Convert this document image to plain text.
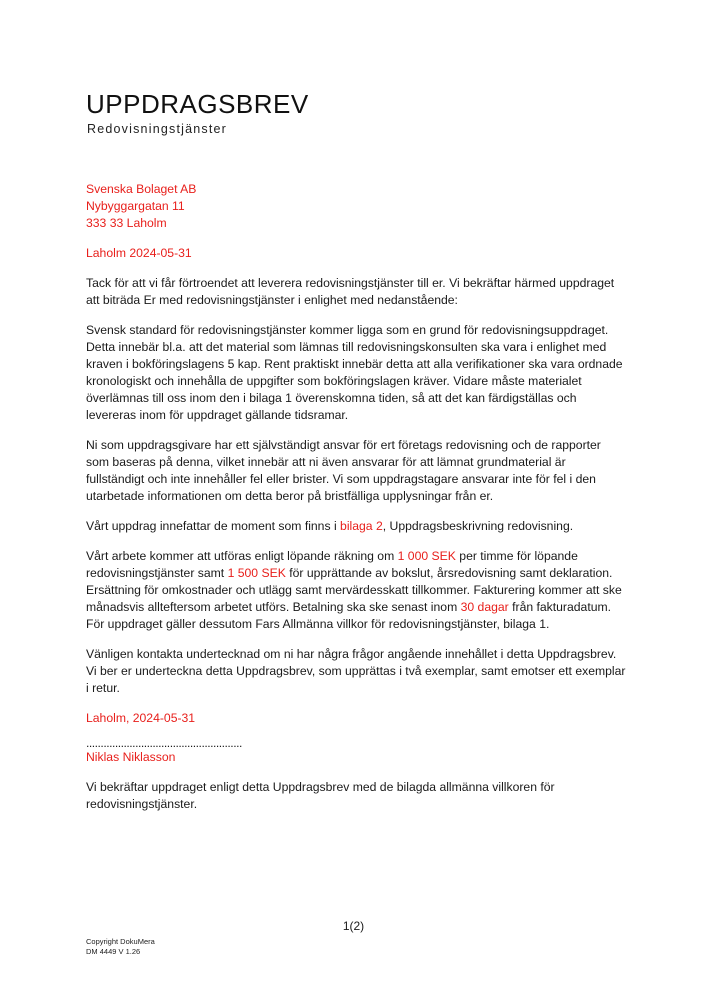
UPPDRAGSBREV
Redovisningstjänster

Svenska Bolaget AB
Nybyggargatan 11
333 33 Laholm

Laholm 2024-05-31

Tack för att vi får förtroendet att leverera redovisningstjänster till er. Vi bekräftar härmed uppdraget att biträda Er med redovisningstjänster i enlighet med nedanstående:

Svensk standard för redovisningstjänster kommer ligga som en grund för redovisningsuppdraget. Detta innebär bl.a. att det material som lämnas till redovisningskonsulten ska vara i enlighet med kraven i bokföringslagens 5 kap. Rent praktiskt innebär detta att alla verifikationer ska vara ordnade kronologiskt och innehålla de uppgifter som bokföringslagen kräver. Vidare måste materialet överlämnas till oss inom den i bilaga 1 överenskomna tiden, så att det kan färdigställas och levereras inom för uppdraget gällande tidsramar.

Ni som uppdragsgivare har ett självständigt ansvar för ert företags redovisning och de rapporter som baseras på denna, vilket innebär att ni även ansvarar för att lämnat grundmaterial är fullständigt och inte innehåller fel eller brister. Vi som uppdragstagare ansvarar inte för fel i den utarbetade informationen om detta beror på bristfälliga upplysningar från er.

Vårt uppdrag innefattar de moment som finns i bilaga 2, Uppdragsbeskrivning redovisning.

Vårt arbete kommer att utföras enligt löpande räkning om 1 000 SEK per timme för löpande redovisningstjänster samt 1 500 SEK för upprättande av bokslut, årsredovisning samt deklaration. Ersättning för omkostnader och utlägg samt mervärdesskatt tillkommer. Fakturering kommer att ske månadsvis allteftersom arbetet utförs. Betalning ska ske senast inom 30 dagar från fakturadatum. För uppdraget gäller dessutom Fars Allmänna villkor för redovisningstjänster, bilaga 1.

Vänligen kontakta undertecknad om ni har några frågor angående innehållet i detta Uppdragsbrev. Vi ber er underteckna detta Uppdragsbrev, som upprättas i två exemplar, samt emotser ett exemplar i retur.

Laholm, 2024-05-31

......................................................
Niklas Niklasson

Vi bekräftar uppdraget enligt detta Uppdragsbrev med de bilagda allmänna villkoren för redovisningstjänster.

1(2)
Copyright DokuMera
DM 4449 V 1.26
